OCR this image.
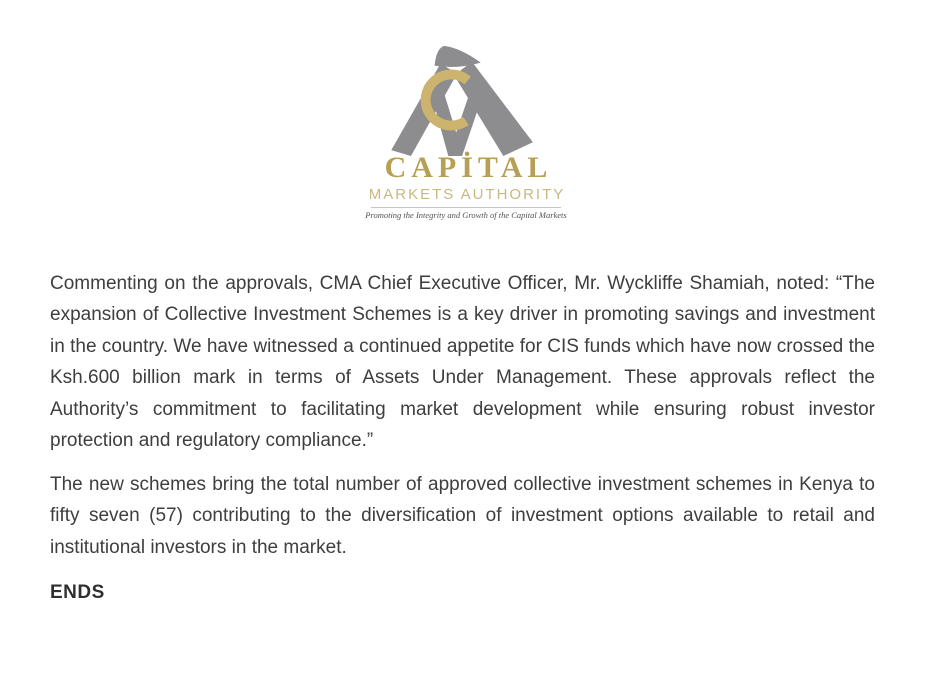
CAPİTAL
MARKETS AUTHORITY
Promoting the Integrity and Growth of the Capital Markets

Commenting on the approvals, CMA Chief Executive Officer, Mr. Wyckliffe Shamiah, noted: “The expansion of Collective Investment Schemes is a key driver in promoting savings and investment in the country. We have witnessed a continued appetite for CIS funds which have now crossed the Ksh.600 billion mark in terms of Assets Under Management. These approvals reflect the Authority’s commitment to facilitating market development while ensuring robust investor protection and regulatory compliance.”

The new schemes bring the total number of approved collective investment schemes in Kenya to fifty seven (57) contributing to the diversification of investment options available to retail and institutional investors in the market.

ENDS
